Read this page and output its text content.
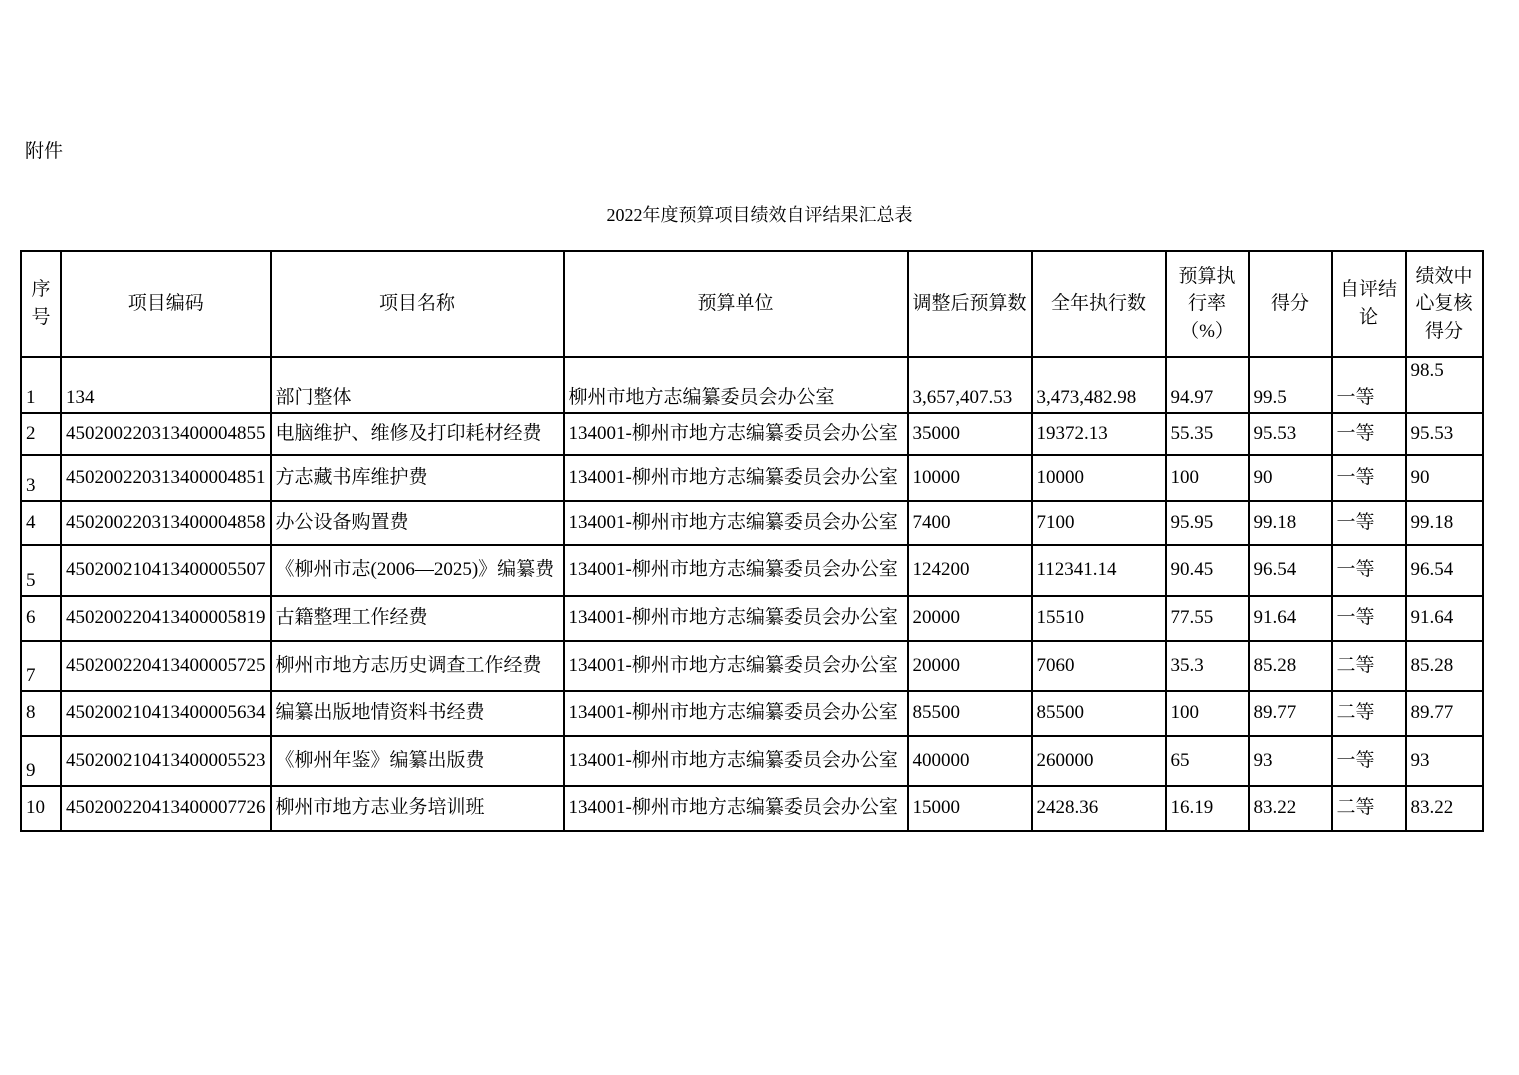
附件
2022年度预算项目绩效自评结果汇总表
序号	项目编码	项目名称	预算单位	调整后预算数	全年执行数	预算执行率（%）	得分	自评结论	绩效中心复核得分
1	134	部门整体	柳州市地方志编纂委员会办公室	3,657,407.53	3,473,482.98	94.97	99.5	一等	98.5
2	450200220313400004855	电脑维护、维修及打印耗材经费	134001-柳州市地方志编纂委员会办公室	35000	19372.13	55.35	95.53	一等	95.53
3	450200220313400004851	方志藏书库维护费	134001-柳州市地方志编纂委员会办公室	10000	10000	100	90	一等	90
4	450200220313400004858	办公设备购置费	134001-柳州市地方志编纂委员会办公室	7400	7100	95.95	99.18	一等	99.18
5	450200210413400005507	《柳州市志(2006—2025)》编纂费	134001-柳州市地方志编纂委员会办公室	124200	112341.14	90.45	96.54	一等	96.54
6	450200220413400005819	古籍整理工作经费	134001-柳州市地方志编纂委员会办公室	20000	15510	77.55	91.64	一等	91.64
7	450200220413400005725	柳州市地方志历史调查工作经费	134001-柳州市地方志编纂委员会办公室	20000	7060	35.3	85.28	二等	85.28
8	450200210413400005634	编纂出版地情资料书经费	134001-柳州市地方志编纂委员会办公室	85500	85500	100	89.77	二等	89.77
9	450200210413400005523	《柳州年鉴》编纂出版费	134001-柳州市地方志编纂委员会办公室	400000	260000	65	93	一等	93
10	450200220413400007726	柳州市地方志业务培训班	134001-柳州市地方志编纂委员会办公室	15000	2428.36	16.19	83.22	二等	83.22
